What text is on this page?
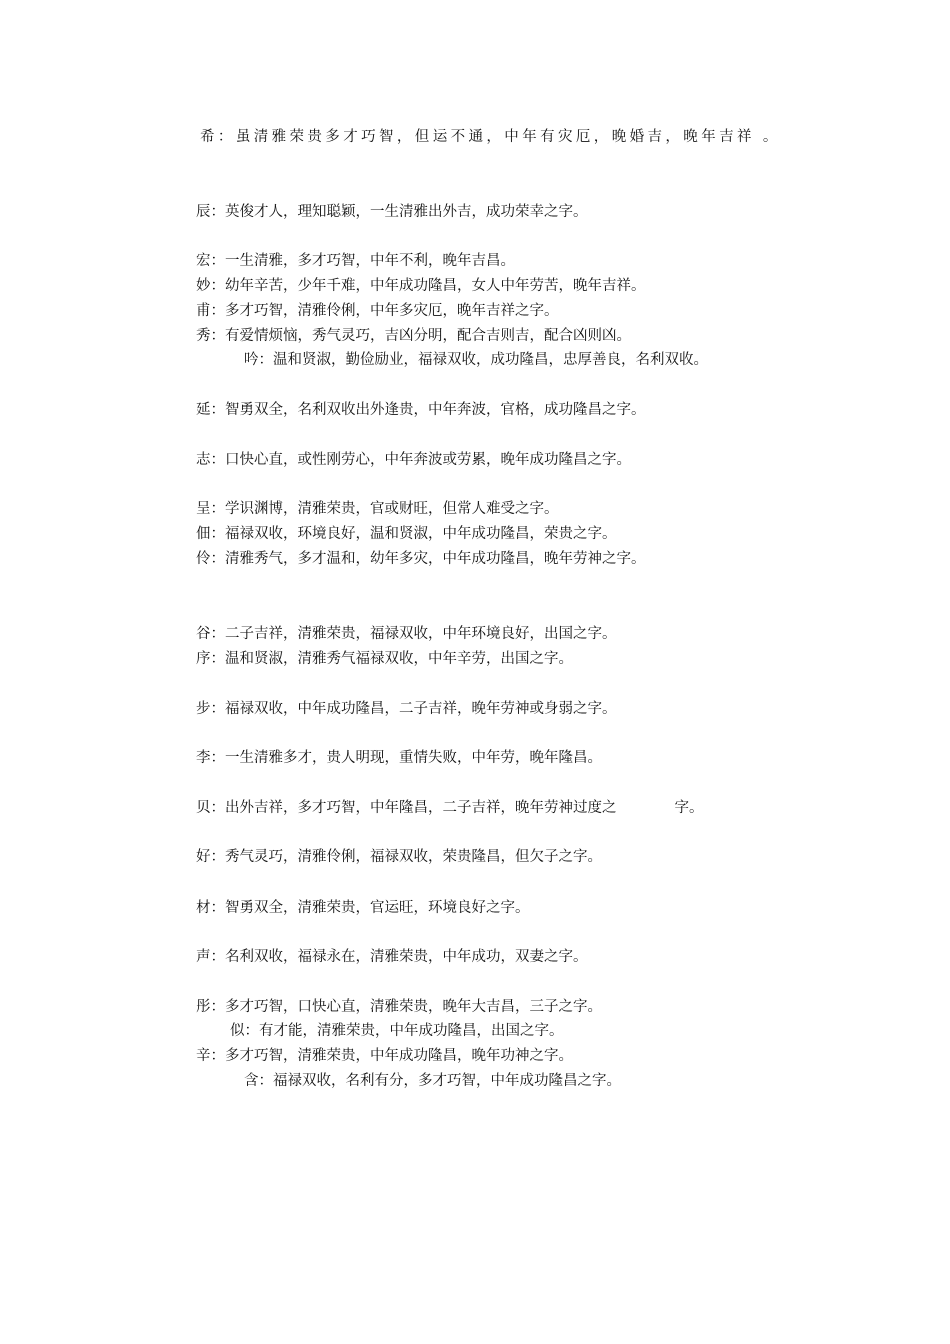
希：虽清雅荣贵多才巧智，但运不通，中年有灾厄，晚婚吉，晚年吉祥 。
辰：英俊才人，理知聪颖，一生清雅出外吉，成功荣幸之字。
宏：一生清雅，多才巧智，中年不利，晚年吉昌。
妙：幼年辛苦，少年千难，中年成功隆昌，女人中年劳苦，晚年吉祥。
甫：多才巧智，清雅伶俐，中年多灾厄，晚年吉祥之字。
秀：有爱情烦恼，秀气灵巧，吉凶分明，配合吉则吉，配合凶则凶。
吟：温和贤淑，勤俭励业，福禄双收，成功隆昌，忠厚善良，名利双收。
延：智勇双全，名利双收出外逢贵，中年奔波，官格，成功隆昌之字。
志：口快心直，或性刚劳心，中年奔波或劳累，晚年成功隆昌之字。
呈：学识渊博，清雅荣贵，官或财旺，但常人难受之字。
佃：福禄双收，环境良好，温和贤淑，中年成功隆昌，荣贵之字。
伶：清雅秀气，多才温和，幼年多灾，中年成功隆昌，晚年劳神之字。
谷：二子吉祥，清雅荣贵，福禄双收，中年环境良好，出国之字。
序：温和贤淑，清雅秀气福禄双收，中年辛劳，出国之字。
步：福禄双收，中年成功隆昌，二子吉祥，晚年劳神或身弱之字。
李：一生清雅多才，贵人明现，重情失败，中年劳，晚年隆昌。
贝：出外吉祥，多才巧智，中年隆昌，二子吉祥，晚年劳神过度之	字。
好：秀气灵巧，清雅伶俐，福禄双收，荣贵隆昌，但欠子之字。
材：智勇双全，清雅荣贵，官运旺，环境良好之字。
声：名利双收，福禄永在，清雅荣贵，中年成功，双妻之字。
彤：多才巧智，口快心直，清雅荣贵，晚年大吉昌，三子之字。
似：有才能，清雅荣贵，中年成功隆昌，出国之字。
辛：多才巧智，清雅荣贵，中年成功隆昌，晚年功神之字。
含：福禄双收，名利有分，多才巧智，中年成功隆昌之字。
